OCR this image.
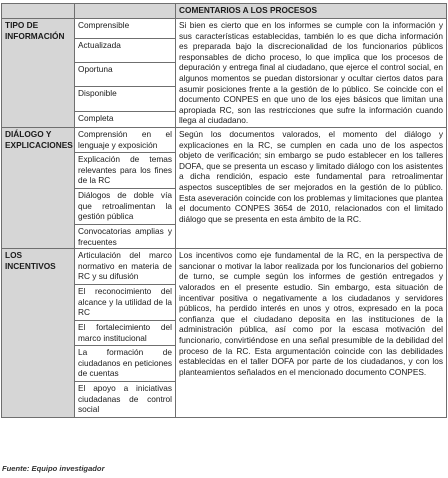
		COMENTARIOS A LOS PROCESOS
TIPO DE INFORMACIÓN	Comprensible	Si bien es cierto que en los informes se cumple con la información y sus características establecidas, también lo es que dicha información es preparada bajo la discrecionalidad de los funcionarios públicos responsables de dicho proceso, lo que implica que los procesos de depuración y entrega final al ciudadano, que ejerce el control social, en algunos momentos se puedan distorsionar y ocultar ciertos datos para asumir posiciones frente a la gestión de lo público. Se coincide con el documento CONPES en que uno de los ejes básicos que limitan una apropiada RC, son las restricciones que sufre la información cuando llega al ciudadano.
	Actualizada	
	Oportuna	
	Disponible	
	Completa	
DIÁLOGO Y EXPLICACIONES	Comprensión en el lenguaje y exposición	Según los documentos valorados, el momento del diálogo y explicaciones en la RC, se cumplen en cada uno de los aspectos objeto de verificación; sin embargo se pudo establecer en los talleres DOFA, que se presenta un escaso y limitado diálogo con los asistentes a dicha rendición, espacio este fundamental para retroalimentar aspectos susceptibles de ser mejorados en la gestión de lo público. Esta aseveración coincide con los problemas y limitaciones que plantea el documento CONPES 3654 de 2010, relacionados con el limitado diálogo que se presenta en esta ámbito de la RC.
	Explicación de temas relevantes para los fines de la RC	
	Diálogos de doble vía que retroalimentan la gestión pública	
	Convocatorias amplias y frecuentes	
LOS INCENTIVOS	Articulación del marco normativo en materia de RC y su difusión	Los incentivos como eje fundamental de la RC, en la perspectiva de sancionar o motivar la labor realizada por los funcionarios del gobierno de turno, se cumple según los informes de gestión entregados y valorados en el presente estudio. Sin embargo, esta situación de incentivar positiva o negativamente a los ciudadanos y servidores públicos, ha perdido interés en unos y otros, expresado en la poca confianza que el ciudadano deposita en las instituciones de la administración pública, así como por la escasa motivación del funcionario, convirtiéndose en una señal presumible de la debilidad del proceso de la RC. Esta argumentación coincide con las debilidades establecidas en el taller DOFA por parte de los ciudadanos, y con los planteamientos señalados en el mencionado documento CONPES.
	El reconocimiento del alcance y la utilidad de la RC	
	El fortalecimiento del marco institucional	
	La formación de ciudadanos en peticiones de cuentas	
	El apoyo a iniciativas ciudadanas de control social	
Fuente: Equipo investigador
